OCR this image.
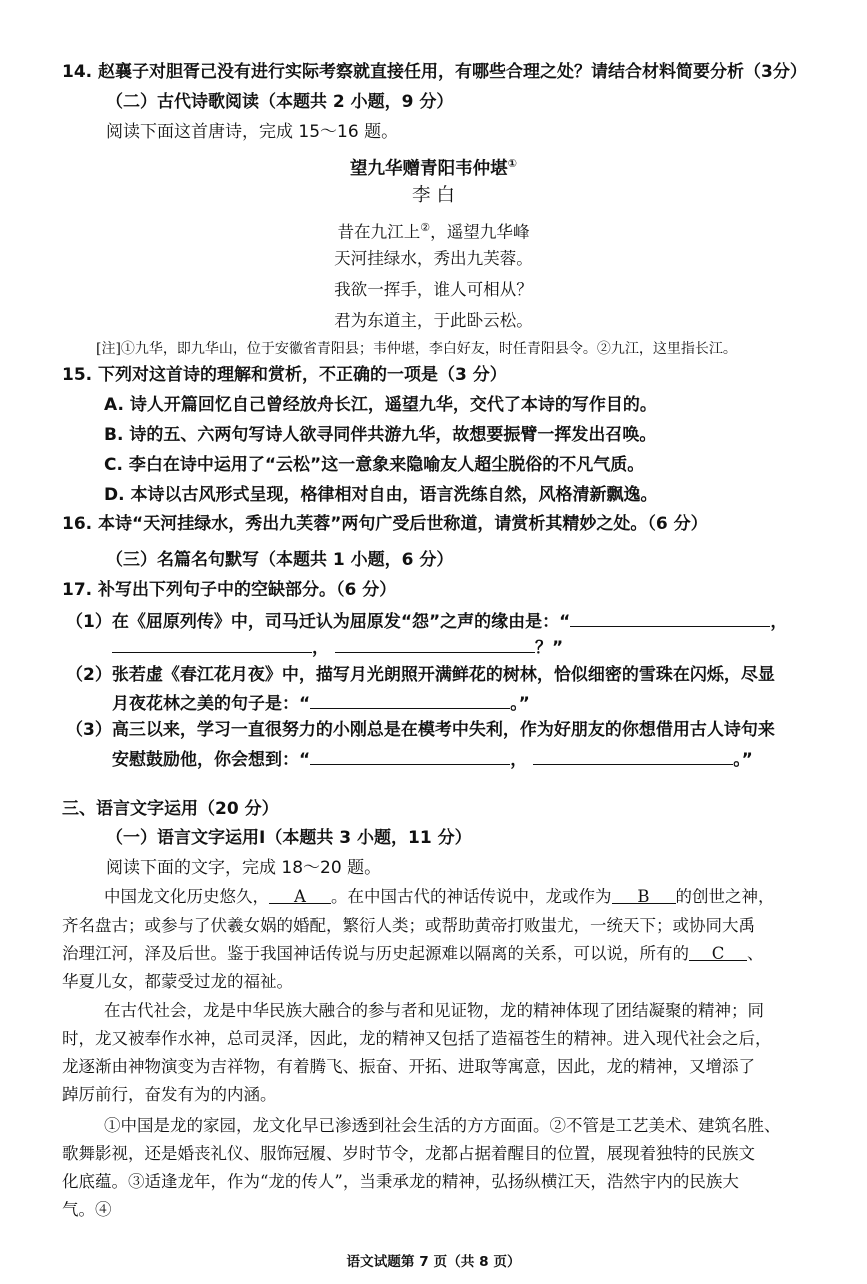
14. 赵襄子对胆胥己没有进行实际考察就直接任用，有哪些合理之处？请结合材料简要分析（3分）
（二）古代诗歌阅读（本题共 2 小题，9 分）
阅读下面这首唐诗，完成 15～16 题。
望九华赠青阳韦仲堪①
李 白
昔在九江上②，遥望九华峰
天河挂绿水，秀出九芙蓉。
我欲一挥手，谁人可相从？
君为东道主，于此卧云松。
[注]①九华，即九华山，位于安徽省青阳县；韦仲堪，李白好友，时任青阳县令。②九江，这里指长江。
15. 下列对这首诗的理解和赏析，不正确的一项是（3 分）
A. 诗人开篇回忆自己曾经放舟长江，遥望九华，交代了本诗的写作目的。
B. 诗的五、六两句写诗人欲寻同伴共游九华，故想要振臂一挥发出召唤。
C. 李白在诗中运用了“云松”这一意象来隐喻友人超尘脱俗的不凡气质。
D. 本诗以古风形式呈现，格律相对自由，语言洗练自然，风格清新飘逸。
16. 本诗“天河挂绿水，秀出九芙蓉”两句广受后世称道，请赏析其精妙之处。（6 分）
（三）名篇名句默写（本题共 1 小题，6 分）
17. 补写出下列句子中的空缺部分。（6 分）
（1）在《屈原列传》中，司马迁认为屈原发“怨”之声的缘由是：“	，
，	？”
（2）张若虚《春江花月夜》中，描写月光朗照开满鲜花的树林，恰似细密的雪珠在闪烁，尽显
月夜花林之美的句子是：“	。”
（3）高三以来，学习一直很努力的小刚总是在模考中失利，作为好朋友的你想借用古人诗句来
安慰鼓励他，你会想到：“	，	。”
三、语言文字运用（20 分）
（一）语言文字运用Ⅰ（本题共 3 小题，11 分）
阅读下面的文字，完成 18～20 题。
中国龙文化历史悠久， A 。在中国古代的神话传说中，龙或作为 B 的创世之神，
齐名盘古；或参与了伏羲女娲的婚配，繁衍人类；或帮助黄帝打败蚩尤，一统天下；或协同大禹
治理江河，泽及后世。鉴于我国神话传说与历史起源难以隔离的关系，可以说，所有的 C 、
华夏儿女，都蒙受过龙的福祉。
在古代社会，龙是中华民族大融合的参与者和见证物，龙的精神体现了团结凝聚的精神；同
时，龙又被奉作水神，总司灵泽，因此，龙的精神又包括了造福苍生的精神。进入现代社会之后，
龙逐渐由神物演变为吉祥物，有着腾飞、振奋、开拓、进取等寓意，因此，龙的精神，又增添了
踔厉前行，奋发有为的内涵。
①中国是龙的家园，龙文化早已渗透到社会生活的方方面面。②不管是工艺美术、建筑名胜、
歌舞影视，还是婚丧礼仪、服饰冠履、岁时节令，龙都占据着醒目的位置，展现着独特的民族文
化底蕴。③适逢龙年，作为“龙的传人”，当秉承龙的精神，弘扬纵横江天，浩然宇内的民族大
气。④
语文试题第 7 页（共 8 页）
